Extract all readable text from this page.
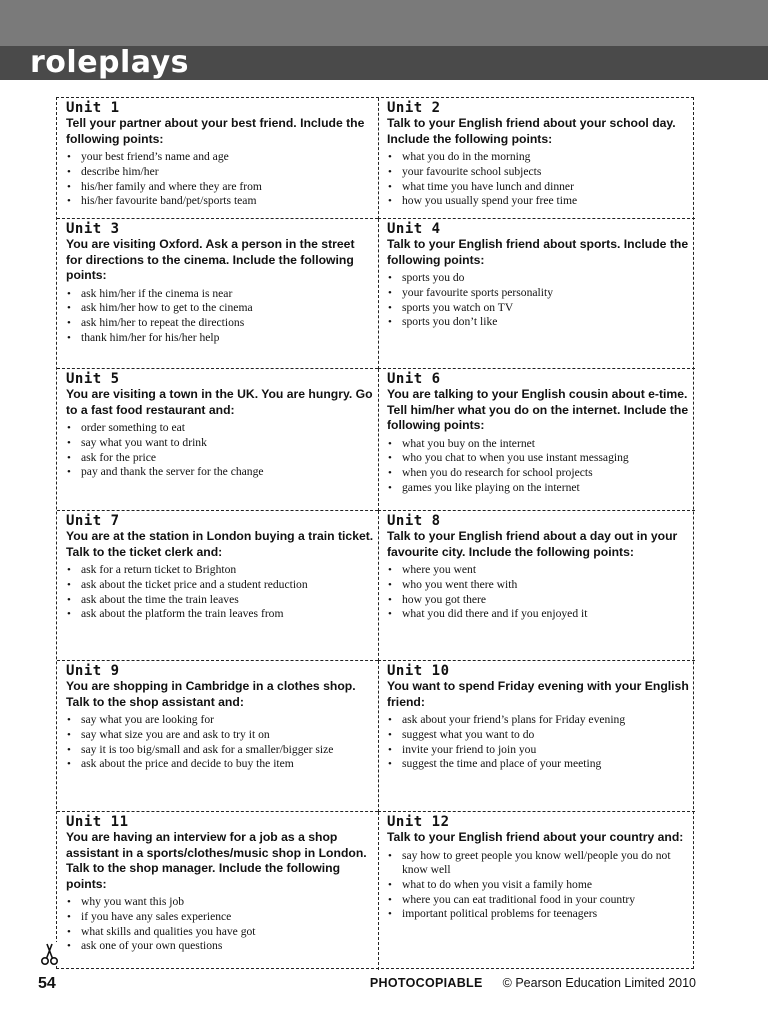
roleplays

Unit 1

Tell your partner about your best friend. Include the following points:

• your best friend’s name and age
• describe him/her
• his/her family and where they are from
• his/her favourite band/pet/sports team

Unit 2

Talk to your English friend about your school day. Include the following points:

• what you do in the morning
• your favourite school subjects
• what time you have lunch and dinner
• how you usually spend your free time

Unit 3

You are visiting Oxford. Ask a person in the street for directions to the cinema. Include the following points:

• ask him/her if the cinema is near
• ask him/her how to get to the cinema
• ask him/her to repeat the directions
• thank him/her for his/her help

Unit 4

Talk to your English friend about sports. Include the following points:

• sports you do
• your favourite sports personality
• sports you watch on TV
• sports you don’t like

Unit 5

You are visiting a town in the UK. You are hungry. Go to a fast food restaurant and:

• order something to eat
• say what you want to drink
• ask for the price
• pay and thank the server for the change

Unit 6

You are talking to your English cousin about e-time. Tell him/her what you do on the internet. Include the following points:

• what you buy on the internet
• who you chat to when you use instant messaging
• when you do research for school projects
• games you like playing on the internet

Unit 7

You are at the station in London buying a train ticket. Talk to the ticket clerk and:

• ask for a return ticket to Brighton
• ask about the ticket price and a student reduction
• ask about the time the train leaves
• ask about the platform the train leaves from

Unit 8

Talk to your English friend about a day out in your favourite city. Include the following points:

• where you went
• who you went there with
• how you got there
• what you did there and if you enjoyed it

Unit 9

You are shopping in Cambridge in a clothes shop. Talk to the shop assistant and:

• say what you are looking for
• say what size you are and ask to try it on
• say it is too big/small and ask for a smaller/bigger size
• ask about the price and decide to buy the item

Unit 10

You want to spend Friday evening with your English friend:

• ask about your friend’s plans for Friday evening
• suggest what you want to do
• invite your friend to join you
• suggest the time and place of your meeting

Unit 11

You are having an interview for a job as a shop assistant in a sports/clothes/music shop in London. Talk to the shop manager. Include the following points:

• why you want this job
• if you have any sales experience
• what skills and qualities you have got
• ask one of your own questions

Unit 12

Talk to your English friend about your country and:

• say how to greet people you know well/people you do not know well
• what to do when you visit a family home
• where you can eat traditional food in your country
• important political problems for teenagers
54	PHOTOCOPIABLE © Pearson Education Limited 2010
